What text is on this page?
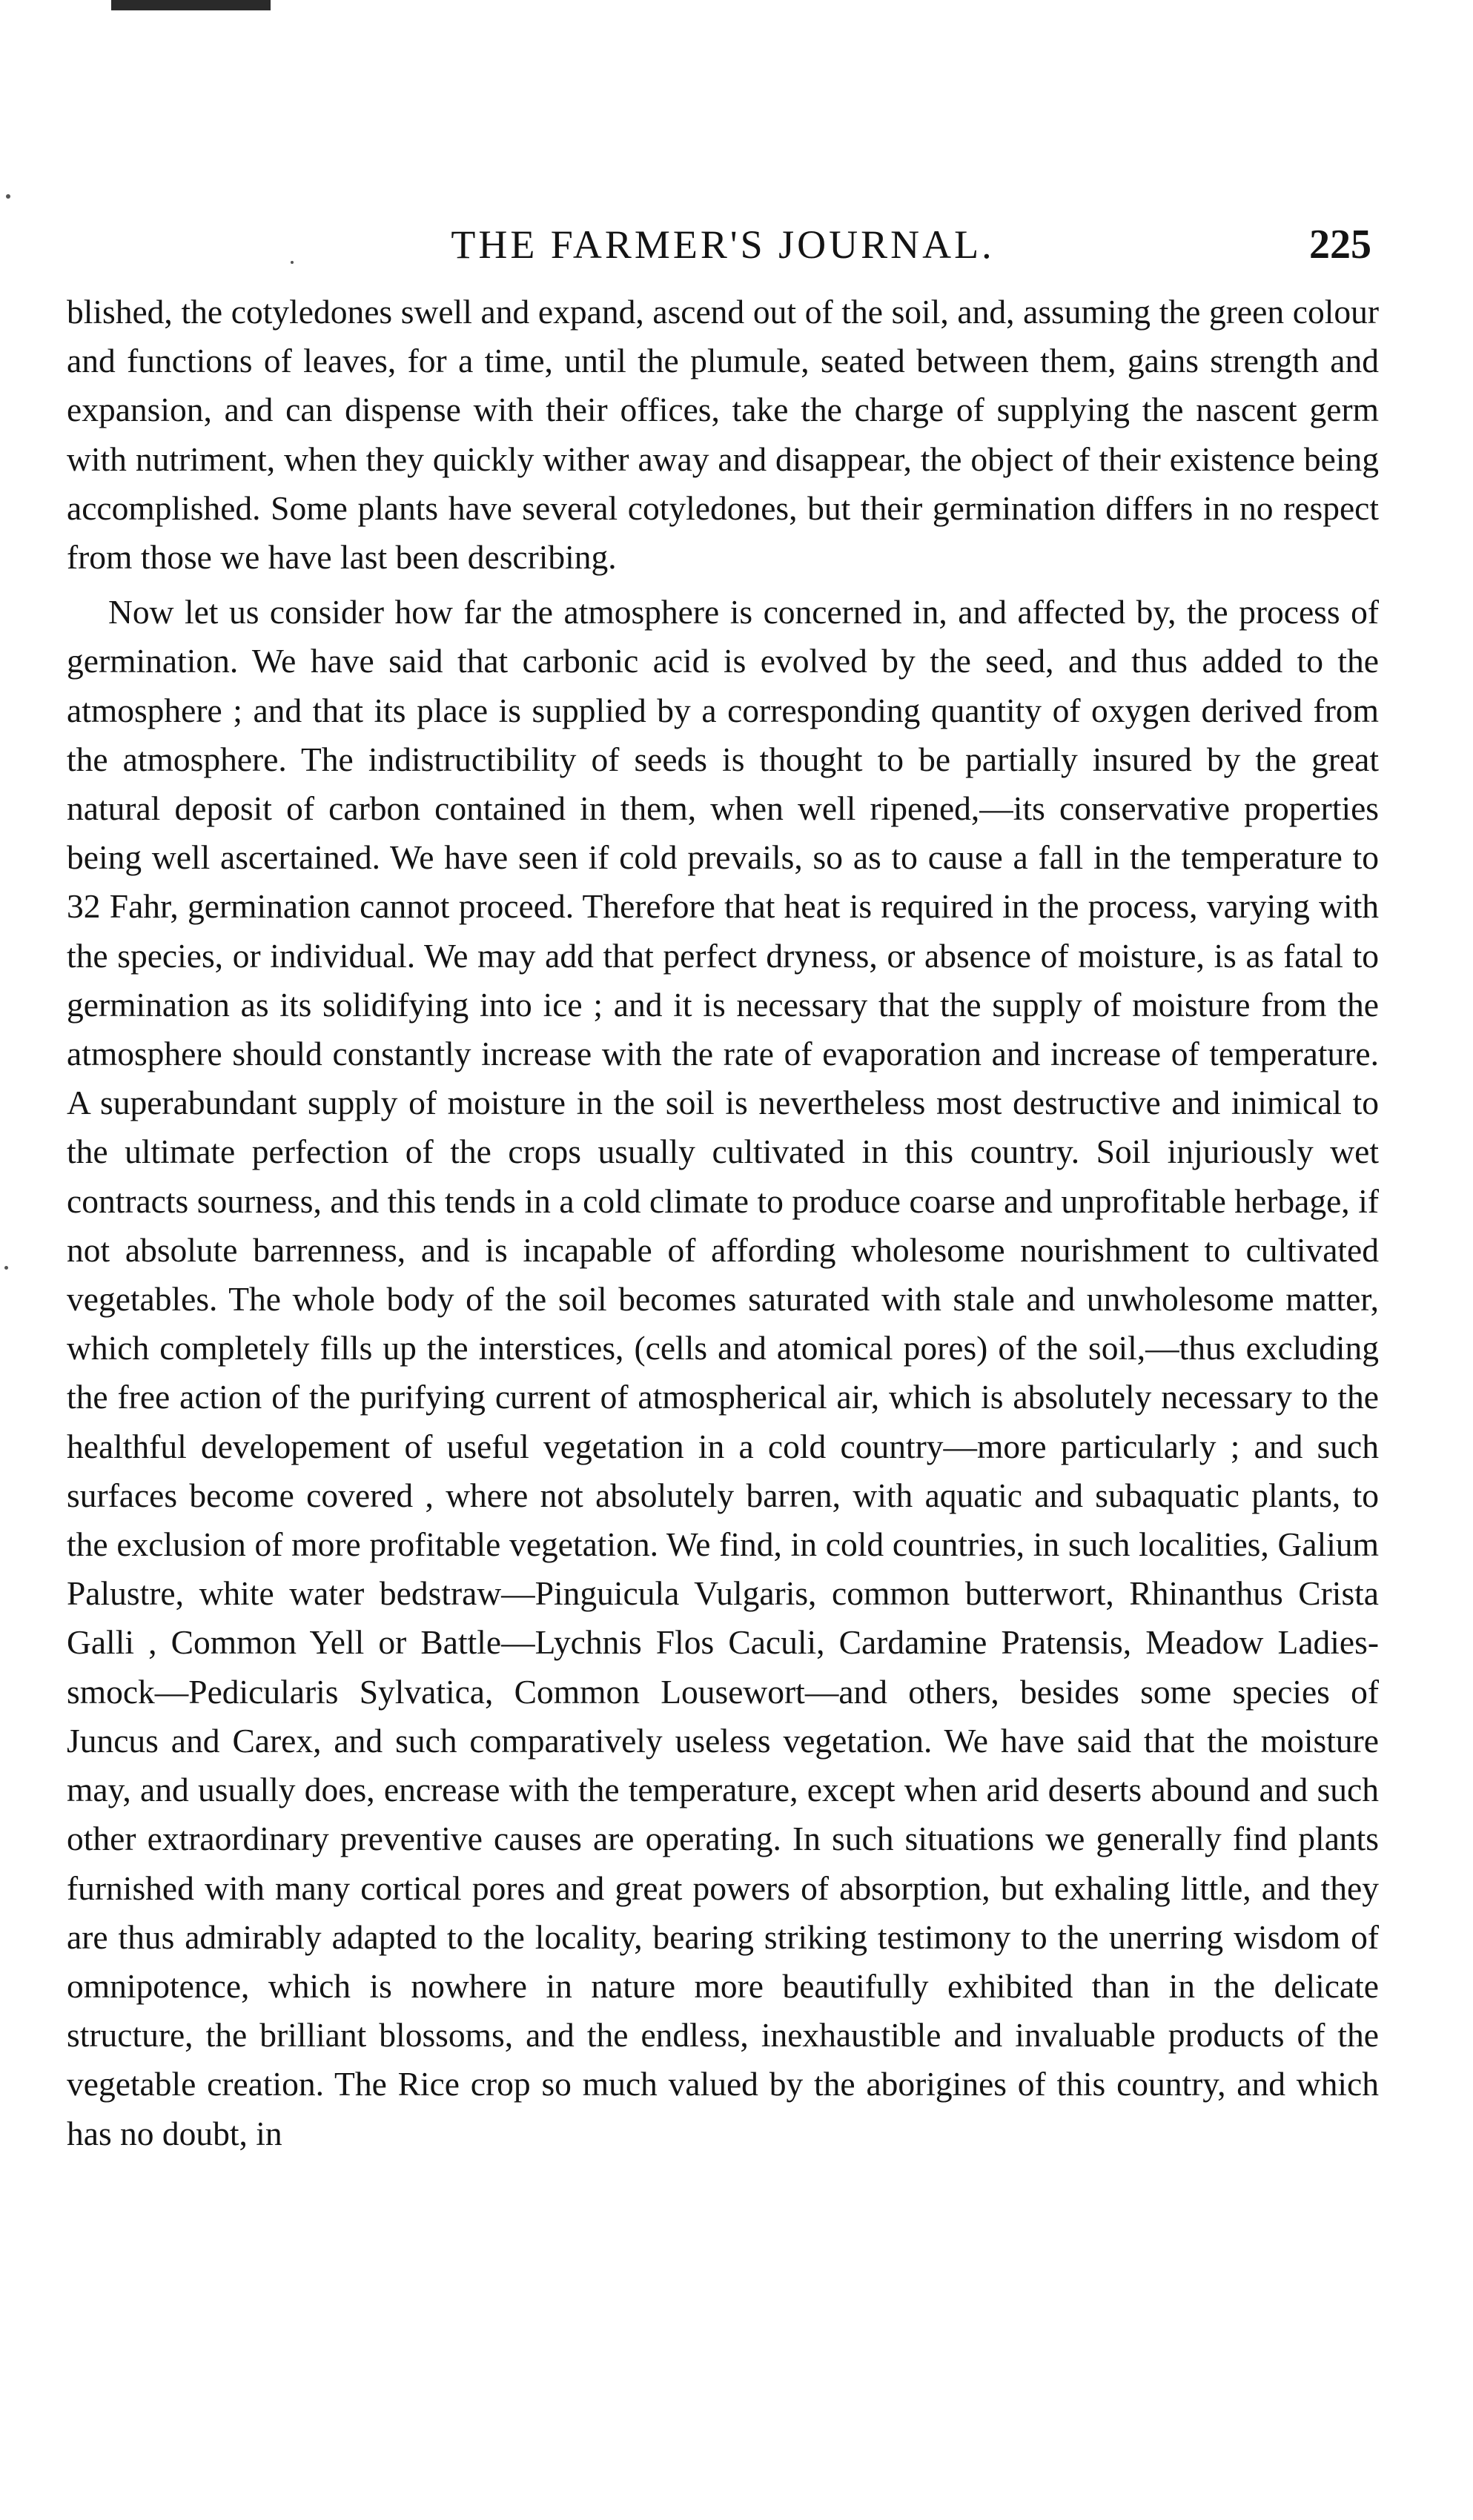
THE FARMER'S JOURNAL.	225

blished, the cotyledones swell and expand, ascend out of the soil, and, assuming the green colour and functions of leaves, for a time, until the plumule, seated between them, gains strength and expansion, and can dispense with their offices, take the charge of supplying the nascent germ with nutriment, when they quickly wither away and disappear, the object of their existence being accomplished. Some plants have several cotyledones, but their germination differs in no respect from those we have last been describing.

Now let us consider how far the atmosphere is concerned in, and affected by, the process of germination. We have said that carbonic acid is evolved by the seed, and thus added to the atmosphere ; and that its place is supplied by a corresponding quantity of oxygen derived from the atmosphere. The indistructibility of seeds is thought to be partially insured by the great natural deposit of carbon contained in them, when well ripened,—its conservative properties being well ascertained. We have seen if cold prevails, so as to cause a fall in the temperature to 32 Fahr, germination cannot proceed. Therefore that heat is required in the process, varying with the species, or individual. We may add that perfect dryness, or absence of moisture, is as fatal to germination as its solidifying into ice ; and it is necessary that the supply of moisture from the atmosphere should constantly increase with the rate of evaporation and increase of temperature. A superabundant supply of moisture in the soil is nevertheless most destructive and inimical to the ultimate perfection of the crops usually cultivated in this country. Soil injuriously wet contracts sourness, and this tends in a cold climate to produce coarse and unprofitable herbage, if not absolute barrenness, and is incapable of affording wholesome nourishment to cultivated vegetables. The whole body of the soil becomes saturated with stale and unwholesome matter, which completely fills up the interstices, (cells and atomical pores) of the soil,—thus excluding the free action of the purifying current of atmospherical air, which is absolutely necessary to the healthful developement of useful vegetation in a cold country—more particularly ; and such surfaces become covered , where not absolutely barren, with aquatic and subaquatic plants, to the exclusion of more profitable vegetation. We find, in cold countries, in such localities, Galium Palustre, white water bedstraw—Pinguicula Vulgaris, common butterwort, Rhinanthus Crista Galli , Common Yell or Battle—Lychnis Flos Caculi, Cardamine Pratensis, Meadow Ladies-smock—Pedicularis Sylvatica, Common Lousewort—and others, besides some species of Juncus and Carex, and such comparatively useless vegetation. We have said that the moisture may, and usually does, encrease with the temperature, except when arid deserts abound and such other extraordinary preventive causes are operating. In such situations we generally find plants furnished with many cortical pores and great powers of absorption, but exhaling little, and they are thus admirably adapted to the locality, bearing striking testimony to the unerring wisdom of omnipotence, which is nowhere in nature more beautifully exhibited than in the delicate structure, the brilliant blossoms, and the endless, inexhaustible and invaluable products of the vegetable creation. The Rice crop so much valued by the aborigines of this country, and which has no doubt, in
